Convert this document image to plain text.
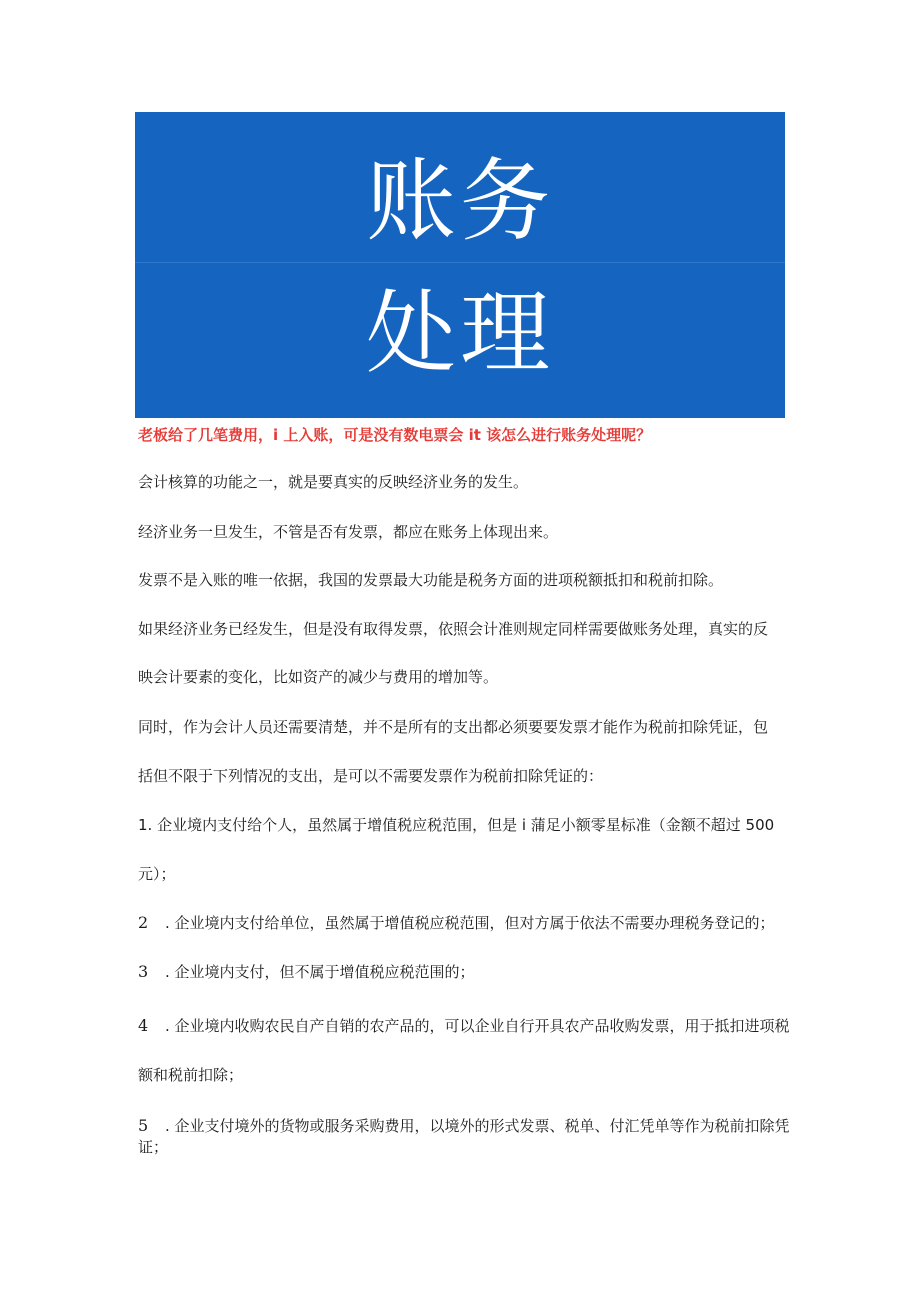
账务
处理
老板给了几笔费用，i 上入账，可是没有数电票会 it 该怎么进行账务处理呢？
会计核算的功能之一，就是要真实的反映经济业务的发生。
经济业务一旦发生，不管是否有发票，都应在账务上体现出来。
发票不是入账的唯一依据，我国的发票最大功能是税务方面的进项税额抵扣和税前扣除。
如果经济业务已经发生，但是没有取得发票，依照会计准则规定同样需要做账务处理，真实的反
映会计要素的变化，比如资产的减少与费用的增加等。
同时，作为会计人员还需要清楚，并不是所有的支出都必须要要发票才能作为税前扣除凭证，包
括但不限于下列情况的支出，是可以不需要发票作为税前扣除凭证的：
1. 企业境内支付给个人，虽然属于增值税应税范围，但是 i 蒲足小额零星标准（金额不超过 500
元）；
2 . 企业境内支付给单位，虽然属于增值税应税范围，但对方属于依法不需要办理税务登记的；
3 . 企业境内支付，但不属于增值税应税范围的；
4 . 企业境内收购农民自产自销的农产品的，可以企业自行开具农产品收购发票，用于抵扣进项税
额和税前扣除；
5 . 企业支付境外的货物或服务采购费用，以境外的形式发票、税单、付汇凭单等作为税前扣除凭
证；
